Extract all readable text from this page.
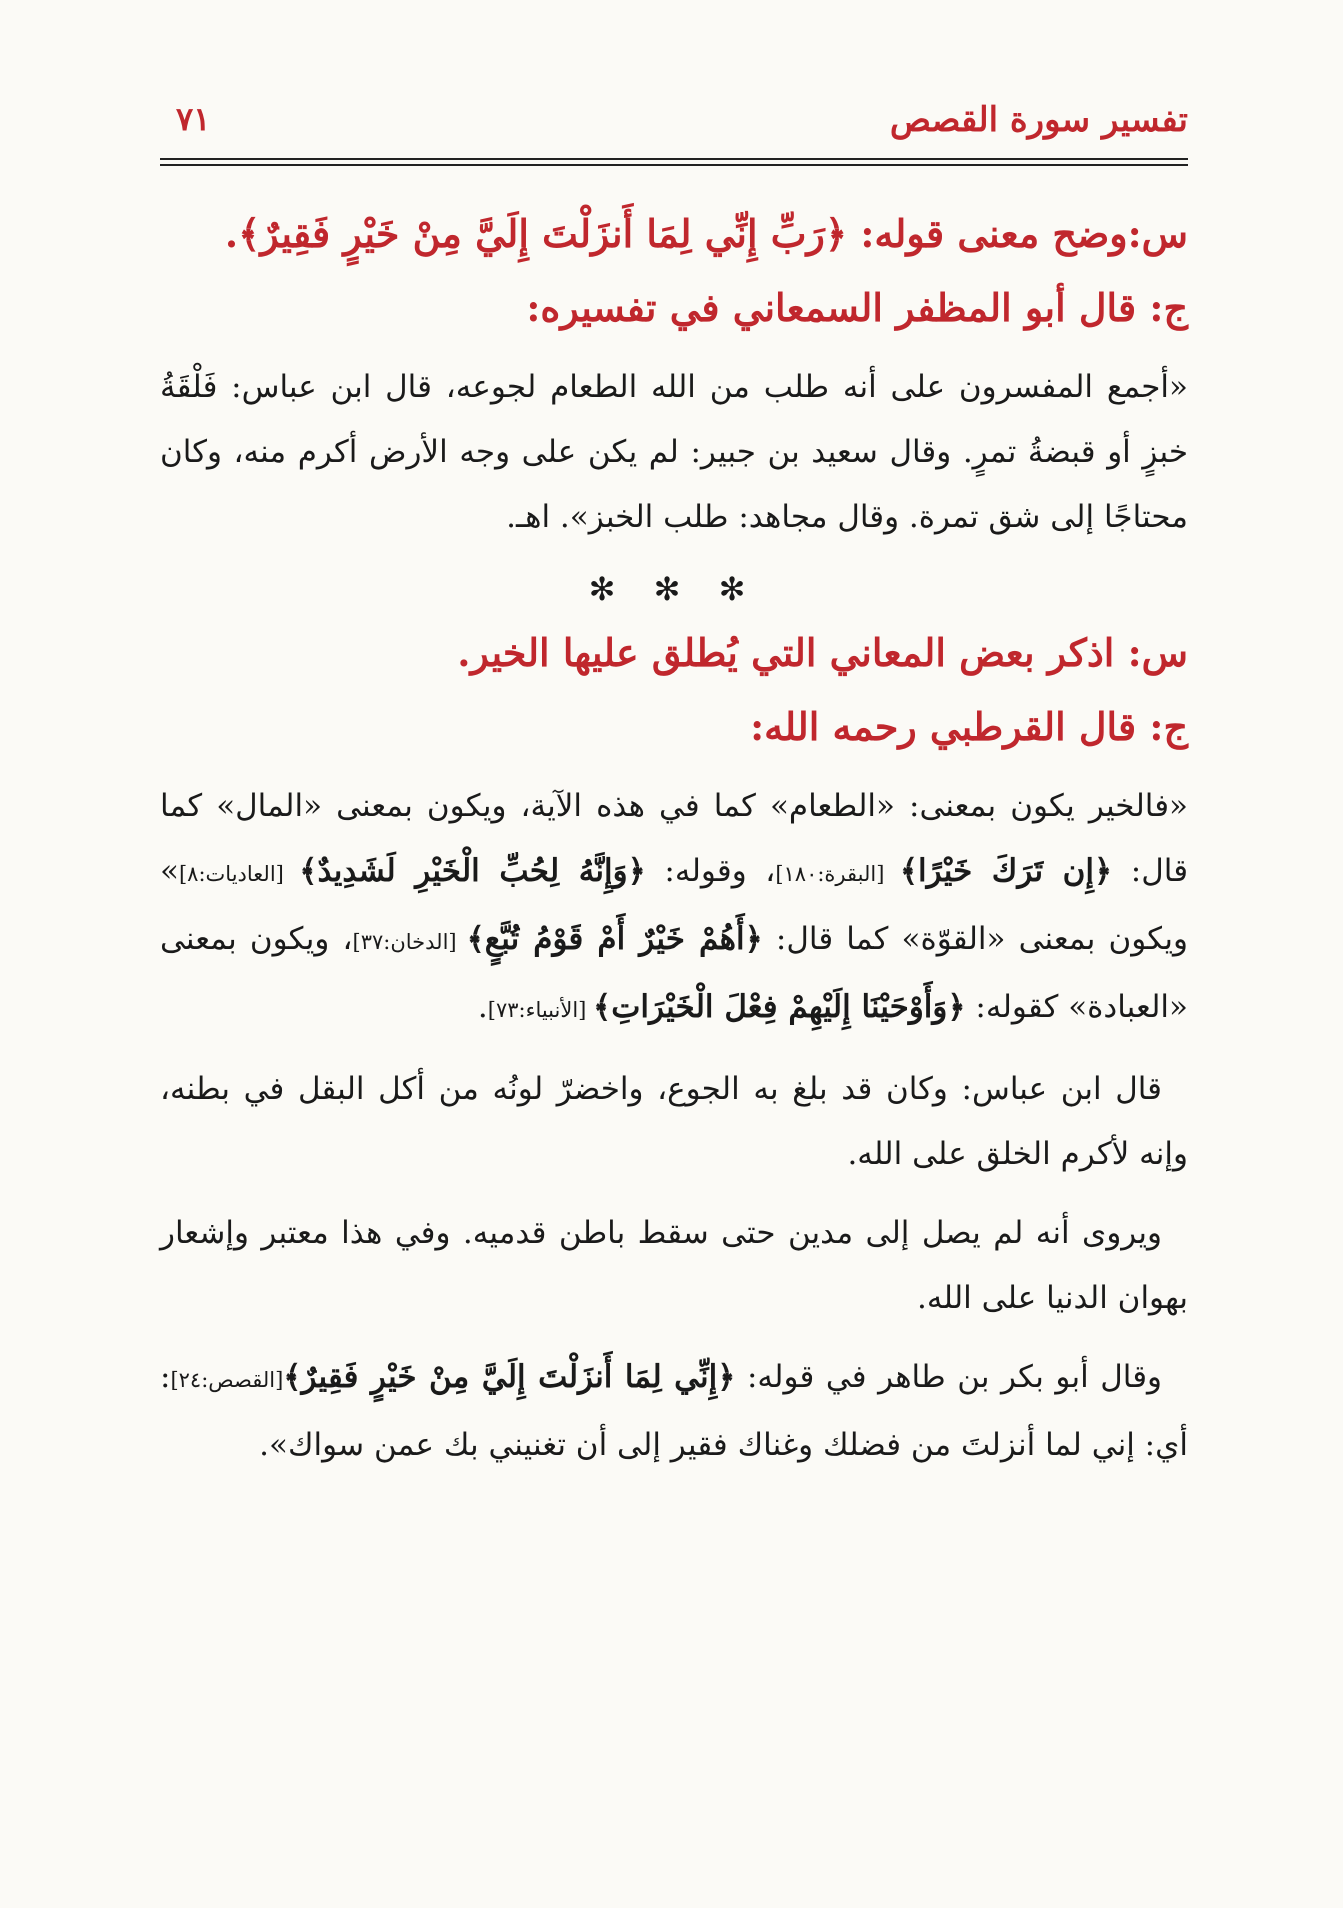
تفسير سورة القصص
٧١

س:وضح معنى قوله: ﴿رَبِّ إِنِّي لِمَا أَنزَلْتَ إِلَيَّ مِنْ خَيْرٍ فَقِيرٌ﴾.

ج: قال أبو المظفر السمعاني في تفسيره:

«أجمع المفسرون على أنه طلب من الله الطعام لجوعه، قال ابن عباس: فَلْقَةُ خبزٍ أو قبضةُ تمرٍ. وقال سعيد بن جبير: لم يكن على وجه الأرض أكرم منه، وكان محتاجًا إلى شق تمرة. وقال مجاهد: طلب الخبز». اهـ.

✻ ✻ ✻

س: اذكر بعض المعاني التي يُطلق عليها الخير.

ج: قال القرطبي رحمه الله:

«فالخير يكون بمعنى: «الطعام» كما في هذه الآية، ويكون بمعنى «المال» كما قال: ﴿إِن تَرَكَ خَيْرًا﴾ [البقرة:١٨٠]، وقوله: ﴿وَإِنَّهُ لِحُبِّ الْخَيْرِ لَشَدِيدٌ﴾ [العاديات:٨]» ويكون بمعنى «القوّة» كما قال: ﴿أَهُمْ خَيْرٌ أَمْ قَوْمُ تُبَّعٍ﴾ [الدخان:٣٧]، ويكون بمعنى «العبادة» كقوله: ﴿وَأَوْحَيْنَا إِلَيْهِمْ فِعْلَ الْخَيْرَاتِ﴾ [الأنبياء:٧٣].

قال ابن عباس: وكان قد بلغ به الجوع، واخضرّ لونُه من أكل البقل في بطنه، وإنه لأكرم الخلق على الله.

ويروى أنه لم يصل إلى مدين حتى سقط باطن قدميه. وفي هذا معتبر وإشعار بهوان الدنيا على الله.

وقال أبو بكر بن طاهر في قوله: ﴿إِنِّي لِمَا أَنزَلْتَ إِلَيَّ مِنْ خَيْرٍ فَقِيرٌ﴾[القصص:٢٤]: أي: إني لما أنزلتَ من فضلك وغناك فقير إلى أن تغنيني بك عمن سواك».
